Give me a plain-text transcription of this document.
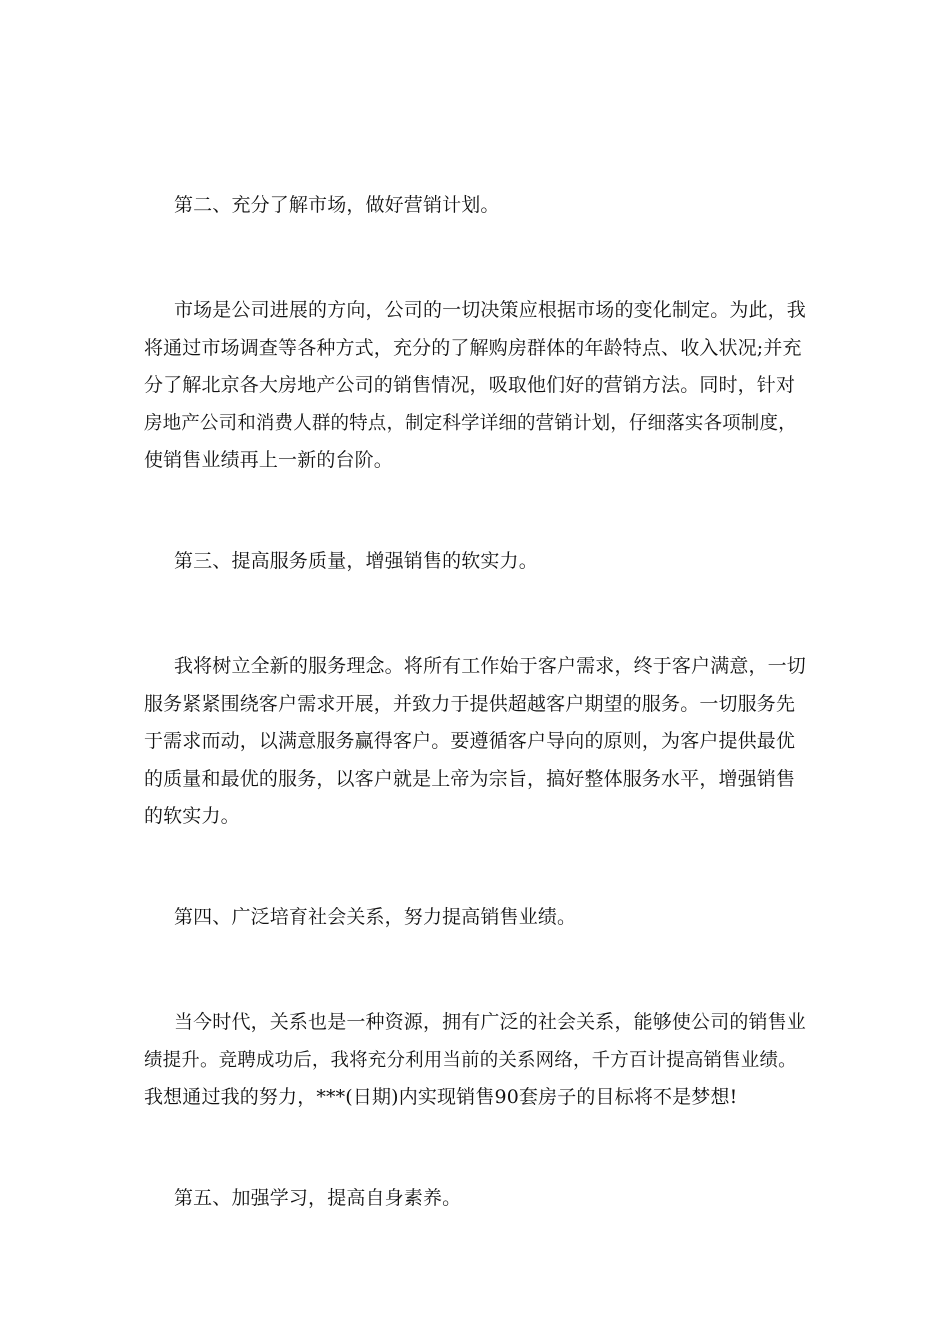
第二、充分了解市场，做好营销计划。

市场是公司进展的方向，公司的一切决策应根据市场的变化制定。为此，我
将通过市场调查等各种方式，充分的了解购房群体的年龄特点、收入状况;并充
分了解北京各大房地产公司的销售情况，吸取他们好的营销方法。同时，针对
房地产公司和消费人群的特点，制定科学详细的营销计划，仔细落实各项制度，
使销售业绩再上一新的台阶。

第三、提高服务质量，增强销售的软实力。

我将树立全新的服务理念。将所有工作始于客户需求，终于客户满意，一切
服务紧紧围绕客户需求开展，并致力于提供超越客户期望的服务。一切服务先
于需求而动，以满意服务赢得客户。要遵循客户导向的原则，为客户提供最优
的质量和最优的服务，以客户就是上帝为宗旨，搞好整体服务水平，增强销售
的软实力。

第四、广泛培育社会关系，努力提高销售业绩。

当今时代，关系也是一种资源，拥有广泛的社会关系，能够使公司的销售业
绩提升。竞聘成功后，我将充分利用当前的关系网络，千方百计提高销售业绩。
我想通过我的努力，***(日期)内实现销售90套房子的目标将不是梦想!

第五、加强学习，提高自身素养。
